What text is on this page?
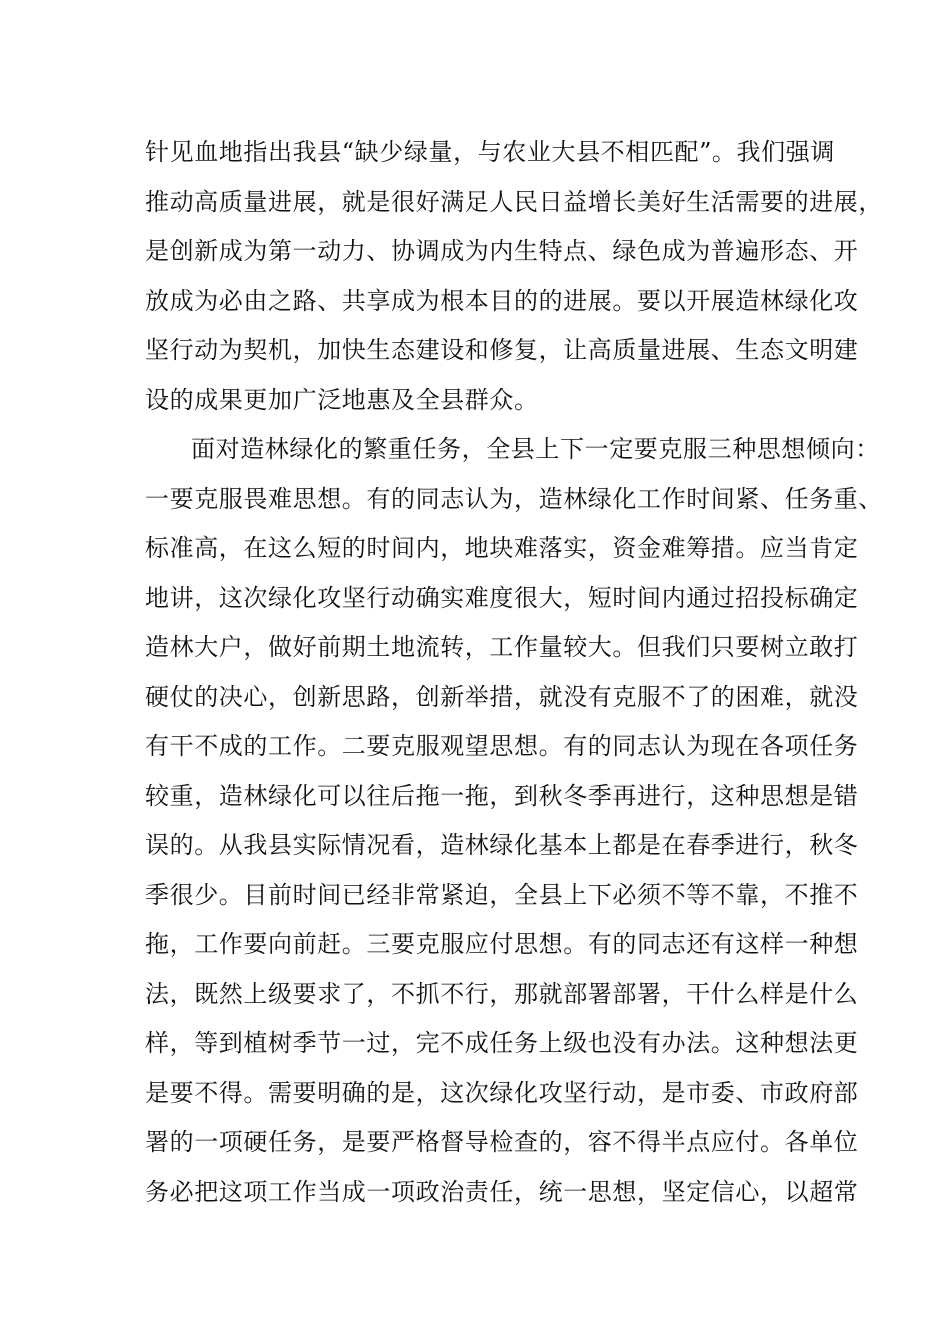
针见血地指出我县“缺少绿量，与农业大县不相匹配”。我们强调
推动高质量进展，就是很好满足人民日益增长美好生活需要的进展，
是创新成为第一动力、协调成为内生特点、绿色成为普遍形态、开
放成为必由之路、共享成为根本目的的进展。要以开展造林绿化攻
坚行动为契机，加快生态建设和修复，让高质量进展、生态文明建
设的成果更加广泛地惠及全县群众。
面对造林绿化的繁重任务，全县上下一定要克服三种思想倾向：
一要克服畏难思想。有的同志认为，造林绿化工作时间紧、任务重、
标准高，在这么短的时间内，地块难落实，资金难筹措。应当肯定
地讲，这次绿化攻坚行动确实难度很大，短时间内通过招投标确定
造林大户，做好前期土地流转，工作量较大。但我们只要树立敢打
硬仗的决心，创新思路，创新举措，就没有克服不了的困难，就没
有干不成的工作。二要克服观望思想。有的同志认为现在各项任务
较重，造林绿化可以往后拖一拖，到秋冬季再进行，这种思想是错
误的。从我县实际情况看，造林绿化基本上都是在春季进行，秋冬
季很少。目前时间已经非常紧迫，全县上下必须不等不靠，不推不
拖，工作要向前赶。三要克服应付思想。有的同志还有这样一种想
法，既然上级要求了，不抓不行，那就部署部署，干什么样是什么
样，等到植树季节一过，完不成任务上级也没有办法。这种想法更
是要不得。需要明确的是，这次绿化攻坚行动，是市委、市政府部
署的一项硬任务，是要严格督导检查的，容不得半点应付。各单位
务必把这项工作当成一项政治责任，统一思想，坚定信心，以超常
